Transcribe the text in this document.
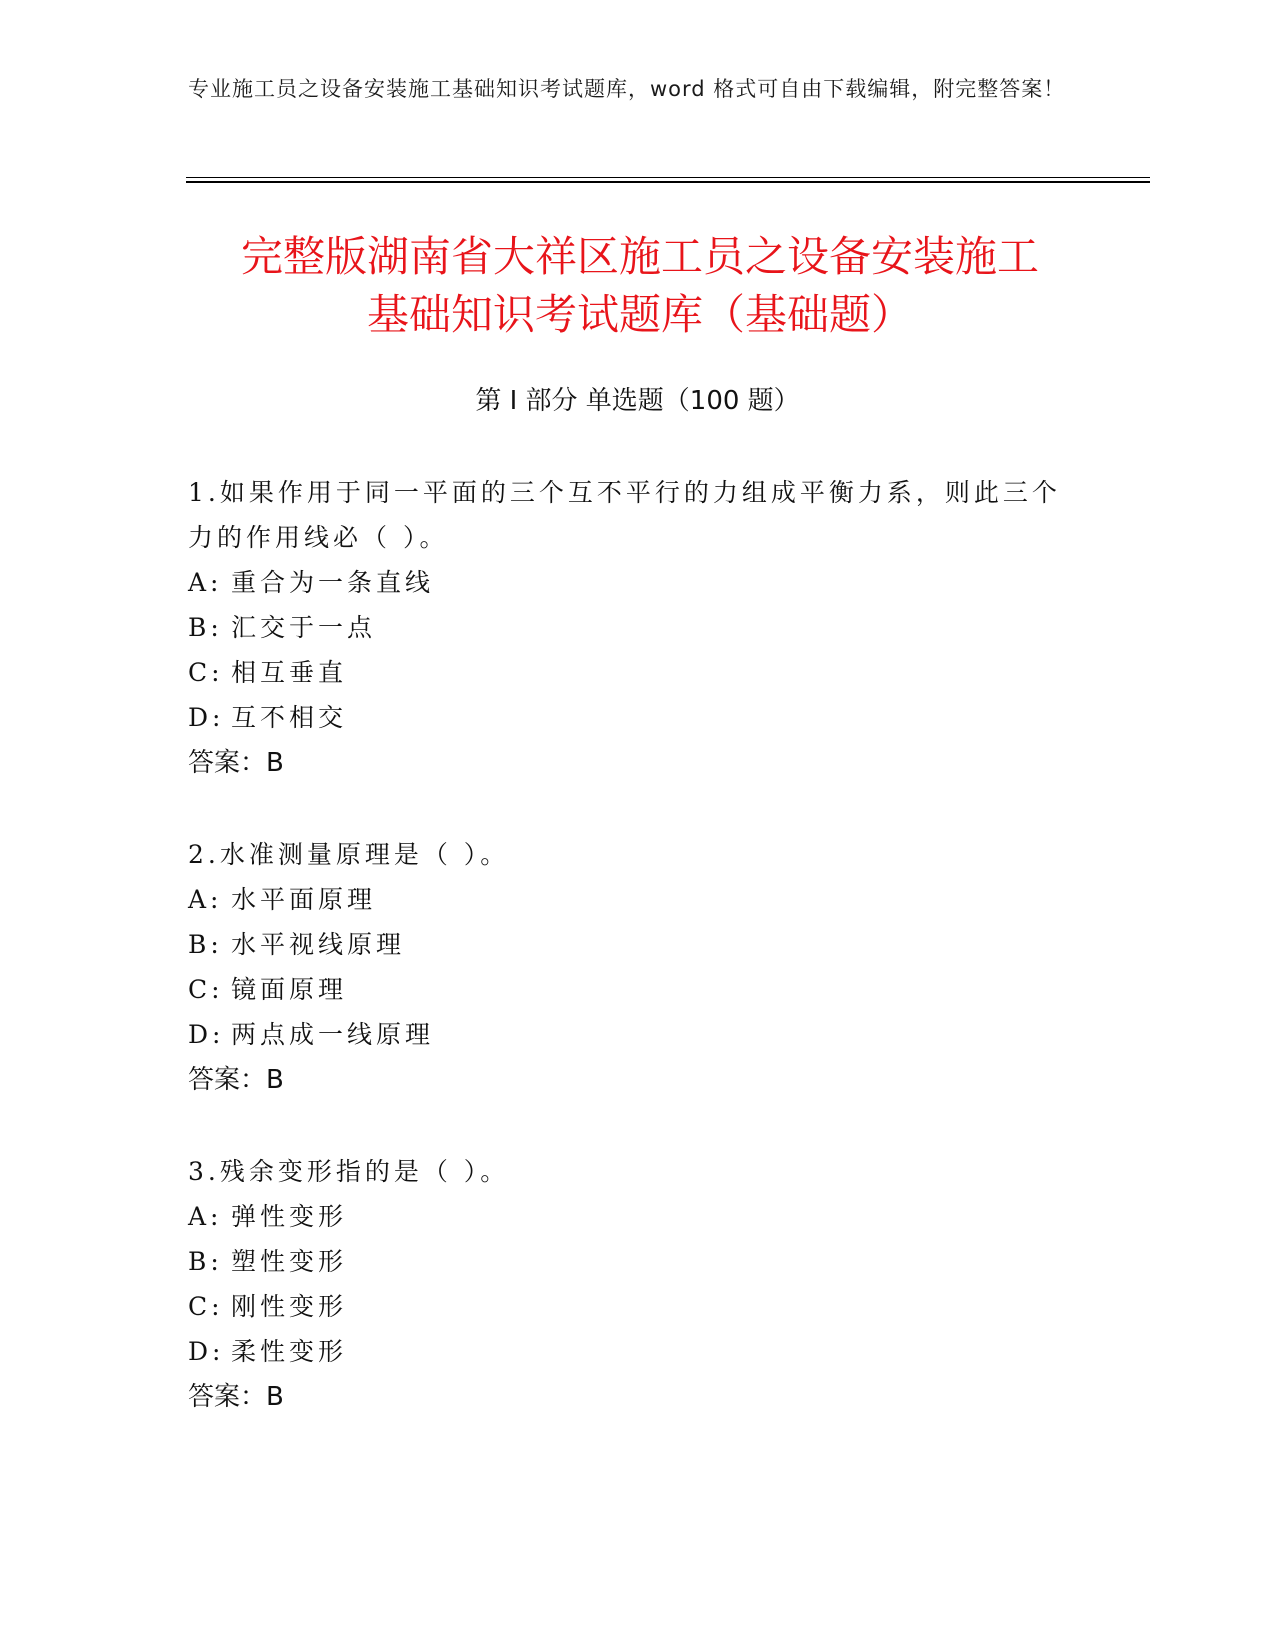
专业施工员之设备安装施工基础知识考试题库，word 格式可自由下载编辑，附完整答案！
完整版湖南省大祥区施工员之设备安装施工
基础知识考试题库（基础题）
第 I 部分 单选题（100 题）
1.如果作用于同一平面的三个互不平行的力组成平衡力系，则此三个力的作用线必（ ）。
A: 重合为一条直线
B: 汇交于一点
C: 相互垂直
D: 互不相交
答案：B
2.水准测量原理是（ ）。
A: 水平面原理
B: 水平视线原理
C: 镜面原理
D: 两点成一线原理
答案：B
3.残余变形指的是（ ）。
A: 弹性变形
B: 塑性变形
C: 刚性变形
D: 柔性变形
答案：B
